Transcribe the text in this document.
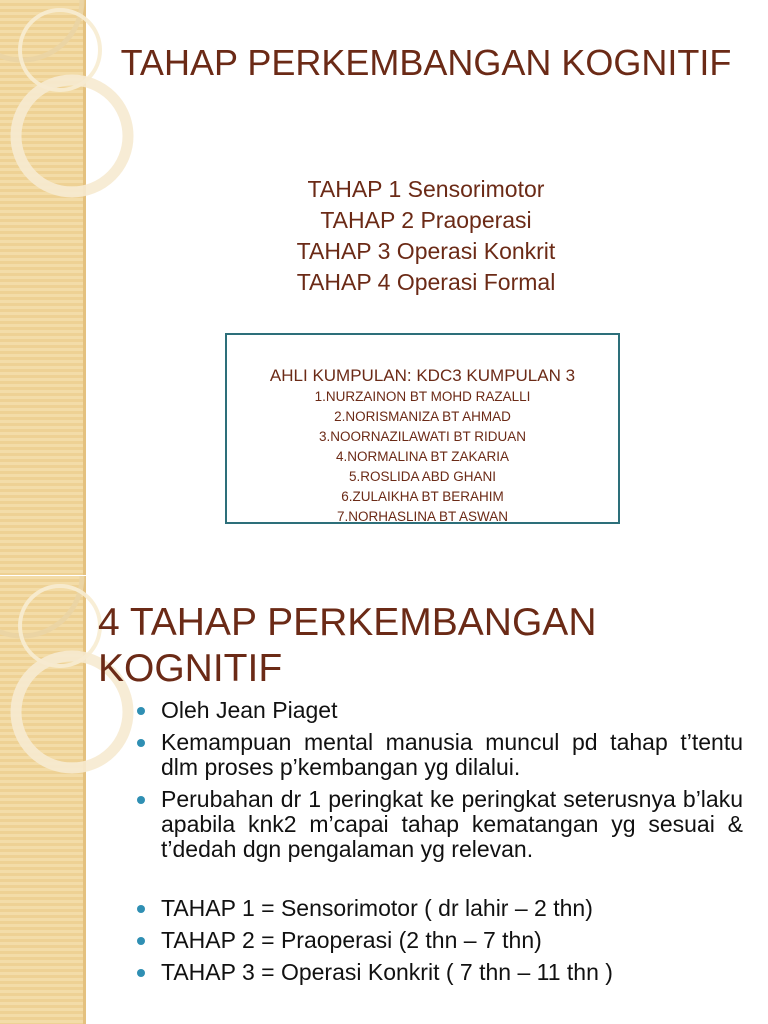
TAHAP PERKEMBANGAN KOGNITIF
TAHAP 1 Sensorimotor
TAHAP 2 Praoperasi
TAHAP 3 Operasi Konkrit
TAHAP 4 Operasi Formal
AHLI KUMPULAN: KDC3 KUMPULAN 3
1.NURZAINON BT MOHD RAZALLI
2.NORISMANIZA BT AHMAD
3.NOORNAZILAWATI BT RIDUAN
4.NORMALINA BT ZAKARIA
5.ROSLIDA ABD GHANI
6.ZULAIKHA BT BERAHIM
7.NORHASLINA BT ASWAN
4 TAHAP PERKEMBANGAN KOGNITIF
Oleh Jean Piaget
Kemampuan mental manusia muncul pd tahap t’tentu dlm proses p’kembangan yg dilalui.
Perubahan dr 1 peringkat ke peringkat seterusnya b’laku apabila knk2 m’capai tahap kematangan yg sesuai & t’dedah dgn pengalaman yg relevan.
TAHAP 1 = Sensorimotor ( dr lahir – 2 thn)
TAHAP 2 = Praoperasi (2 thn – 7 thn)
TAHAP 3 = Operasi Konkrit ( 7 thn – 11 thn )
